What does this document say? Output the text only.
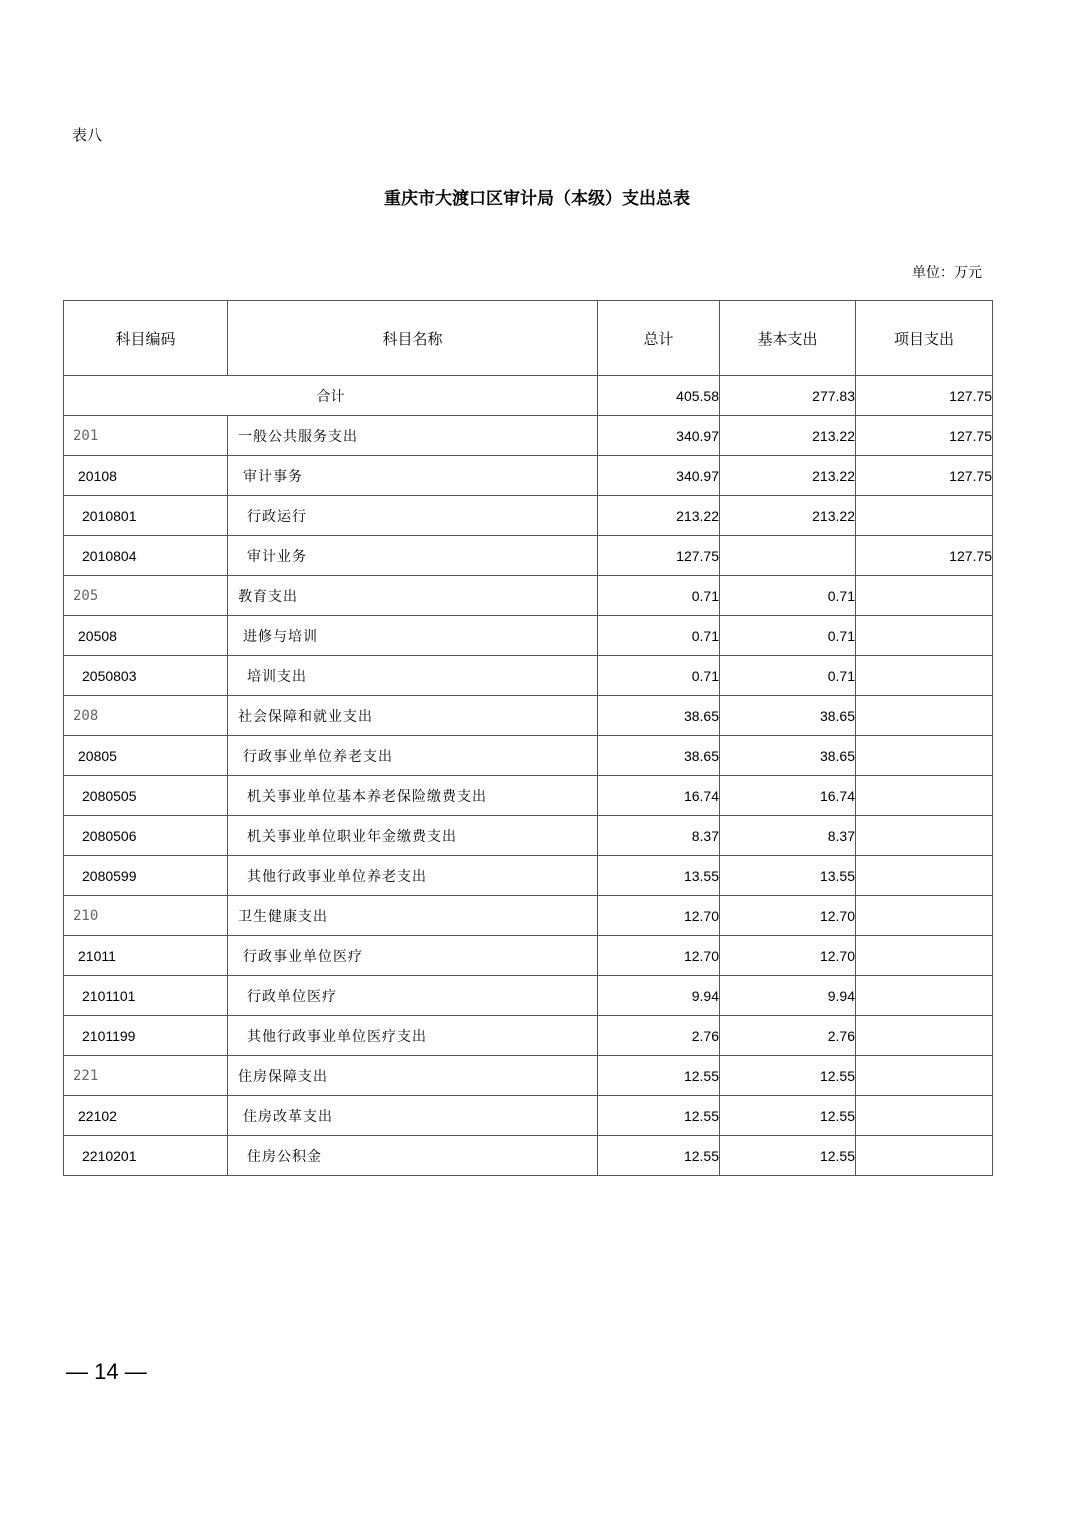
表八
重庆市大渡口区审计局（本级）支出总表
单位：万元
科目编码	科目名称	总计	基本支出	项目支出
合计		405.58	277.83	127.75
201	一般公共服务支出	340.97	213.22	127.75
20108	审计事务	340.97	213.22	127.75
2010801	行政运行	213.22	213.22	
2010804	审计业务	127.75		127.75
205	教育支出	0.71	0.71	
20508	进修与培训	0.71	0.71	
2050803	培训支出	0.71	0.71	
208	社会保障和就业支出	38.65	38.65	
20805	行政事业单位养老支出	38.65	38.65	
2080505	机关事业单位基本养老保险缴费支出	16.74	16.74	
2080506	机关事业单位职业年金缴费支出	8.37	8.37	
2080599	其他行政事业单位养老支出	13.55	13.55	
210	卫生健康支出	12.70	12.70	
21011	行政事业单位医疗	12.70	12.70	
2101101	行政单位医疗	9.94	9.94	
2101199	其他行政事业单位医疗支出	2.76	2.76	
221	住房保障支出	12.55	12.55	
22102	住房改革支出	12.55	12.55	
2210201	住房公积金	12.55	12.55	
— 14 —
